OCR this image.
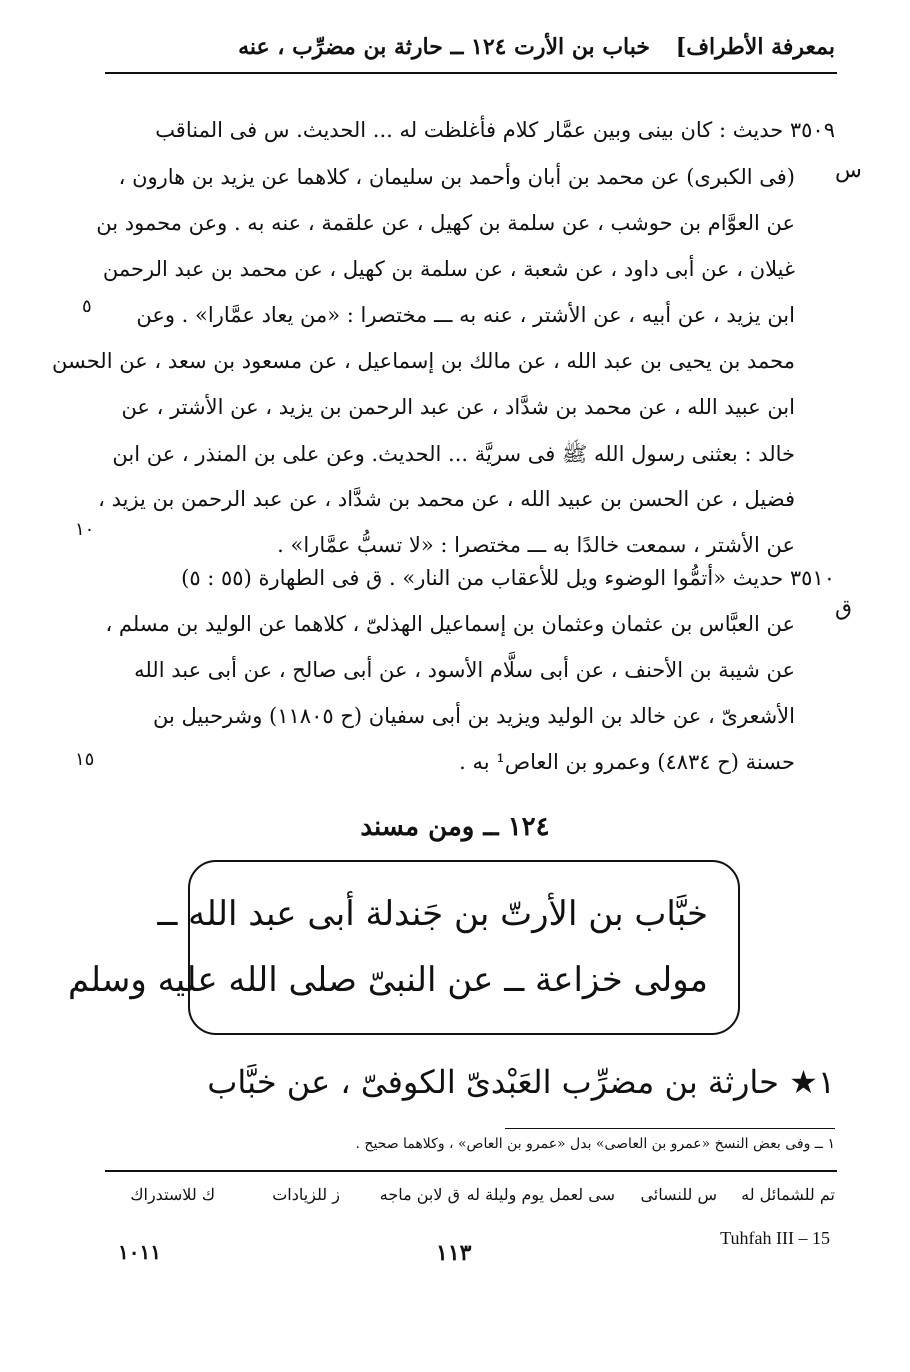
بمعرفة الأطراف]
خباب بن الأرت ١٢٤ ــ حارثة بن مضرِّب ، عنه
٣٥٠٩ حديث : كان بينى وبين عمَّار كلام فأغلظت له ... الحديث. س فى المناقب
(فى الكبرى) عن محمد بن أبان وأحمد بن سليمان ، كلاهما عن يزيد بن هارون ،
عن العوَّام بن حوشب ، عن سلمة بن كهيل ، عن علقمة ، عنه به . وعن محمود بن
غيلان ، عن أبى داود ، عن شعبة ، عن سلمة بن كهيل ، عن محمد بن عبد الرحمن
ابن يزيد ، عن أبيه ، عن الأشتر ، عنه به ـــ مختصرا : «من يعاد عمَّارا» . وعن
محمد بن يحيى بن عبد الله ، عن مالك بن إسماعيل ، عن مسعود بن سعد ، عن الحسن
ابن عبيد الله ، عن محمد بن شدَّاد ، عن عبد الرحمن بن يزيد ، عن الأشتر ، عن
خالد : بعثنى رسول الله ﷺ فى سريَّة ... الحديث. وعن على بن المنذر ، عن ابن
فضيل ، عن الحسن بن عبيد الله ، عن محمد بن شدَّاد ، عن عبد الرحمن بن يزيد ،
عن الأشتر ، سمعت خالدًا به ـــ مختصرا : «لا تسبُّ عمَّارا» .
٣٥١٠ حديث «أتمُّوا الوضوء ويل للأعقاب من النار» . ق فى الطهارة (٥٥ : ٥)
عن العبَّاس بن عثمان وعثمان بن إسماعيل الهذلىّ ، كلاهما عن الوليد بن مسلم ،
عن شيبة بن الأحنف ، عن أبى سلَّام الأسود ، عن أبى صالح ، عن أبى عبد الله
الأشعرىّ ، عن خالد بن الوليد ويزيد بن أبى سفيان (ح ١١٨٠٥) وشرحبيل بن
حسنة (ح ٤٨٣٤) وعمرو بن العاص¹ به .
س
ق
٥
١٠
١٥
١٢٤ ــ ومن مسند
خبَّاب بن الأرتّ بن جَندلة أبى عبد الله ــ
مولى خزاعة ــ عن النبىّ صلى الله عليه وسلم
١★ حارثة بن مضرِّب العَبْدىّ الكوفىّ ، عن خبَّاب
١ ــ وفى بعض النسخ «عمرو بن العاصى» بدل «عمرو بن العاص» ، وكلاهما صحيح .
تم للشمائل له
س للنسائى
سى لعمل يوم وليلة له
ق لابن ماجه
ز للزيادات
ك للاستدراك
Tuhfah III – 15
١١٣
١٠١١
